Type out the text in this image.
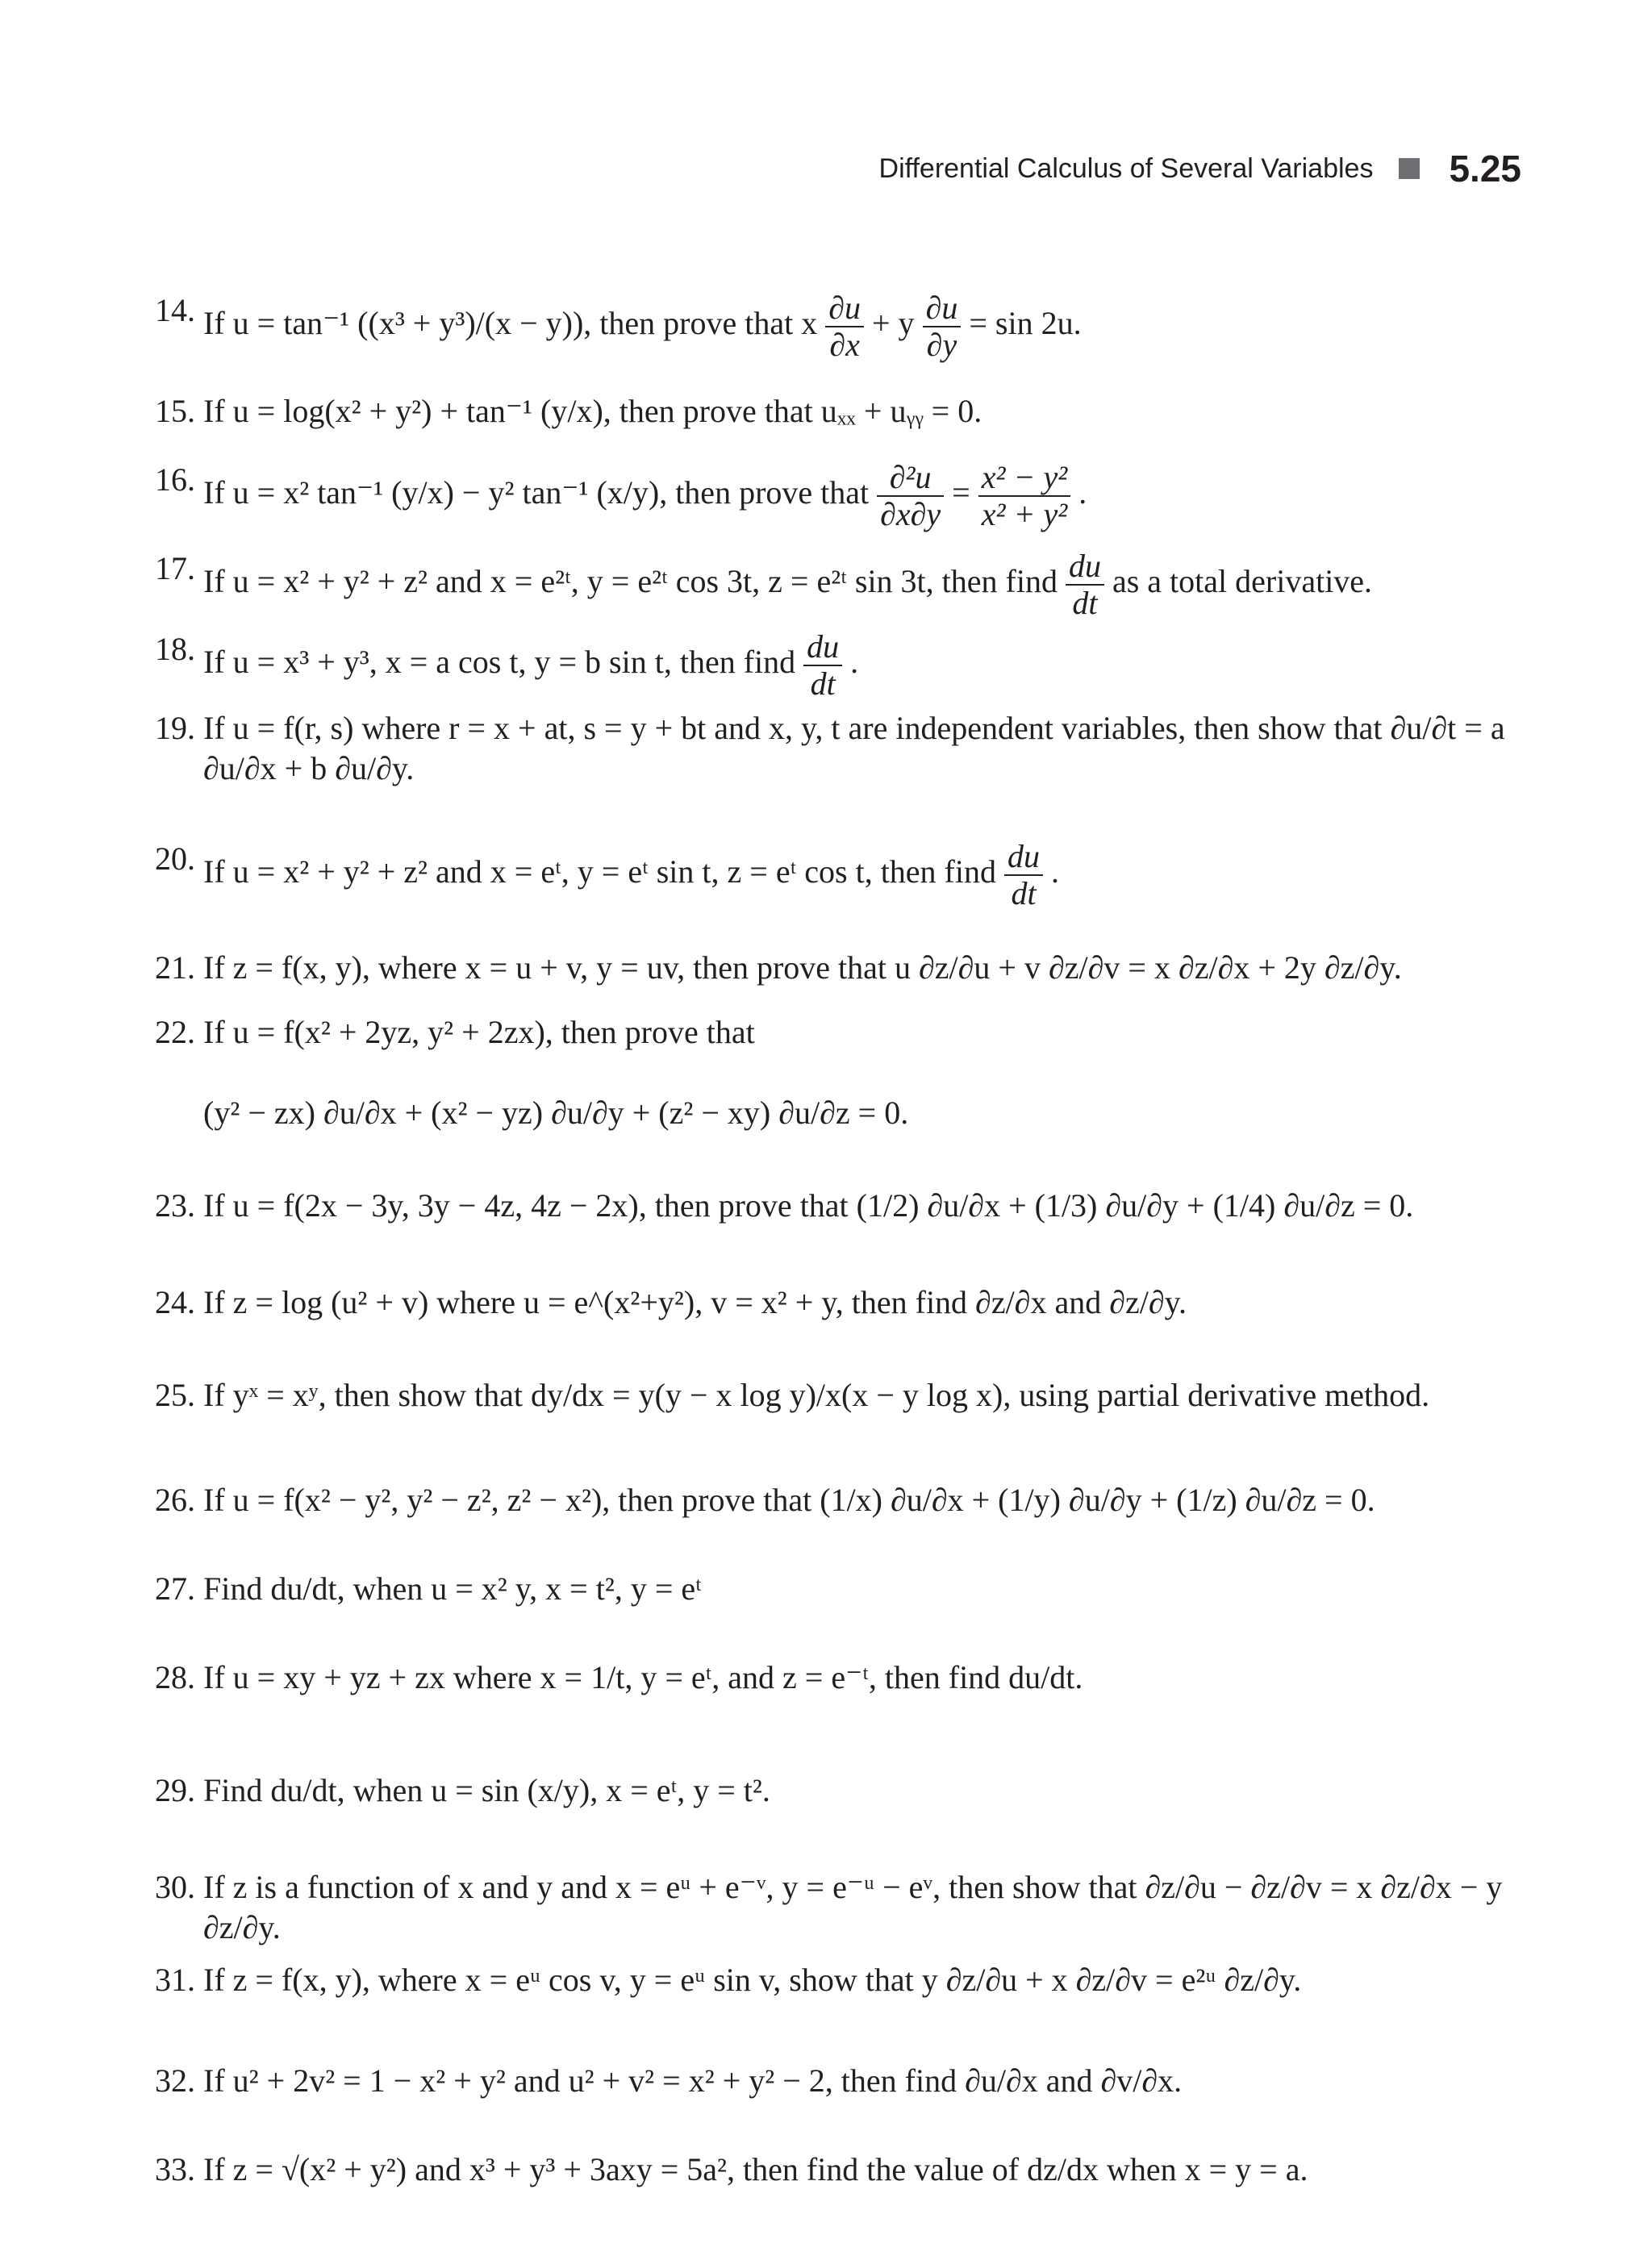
Differential Calculus of Several Variables 5.25
14. If u = tan⁻¹ ((x³ + y³)/(x − y)), then prove that x $\frac{\partial u}{\partial x} + y \frac{\partial u}{\partial y} = \sin 2u$.
15. If u = log(x² + y²) + tan⁻¹ (y/x), then prove that uₓₓ + uᵧᵧ = 0.
16. If u = x² tan⁻¹ (y/x) − y² tan⁻¹ (x/y), then prove that $\frac{\text{∂²u}}{\partial x\partial y} = \frac{\text{x² − y²}}{\text{x² + y²}}$ .
17. If u = x² + y² + z² and x = e²ᵗ, y = e²ᵗ cos 3t, z = e²ᵗ sin 3t, then find $\frac{du}{dt}$ as a total derivative.
18. If u = x³ + y³, x = a cos t, y = b sin t, then find $\frac{du}{dt}$ .
19. If u = f(r, s) where r = x + at, s = y + bt and x, y, t are independent variables, then show that ∂u/∂t = a ∂u/∂x + b ∂u/∂y.
20. If u = x² + y² + z² and x = eᵗ, y = eᵗ sin t, z = eᵗ cos t, then find $\frac{du}{dt}$ .
21. If z = f(x, y), where x = u + v, y = uv, then prove that u ∂z/∂u + v ∂z/∂v = x ∂z/∂x + 2y ∂z/∂y.
22. If u = f(x² + 2yz, y² + 2zx), then prove that
(y² − zx) ∂u/∂x + (x² − yz) ∂u/∂y + (z² − xy) ∂u/∂z = 0.
23. If u = f(2x − 3y, 3y − 4z, 4z − 2x), then prove that (1/2) ∂u/∂x + (1/3) ∂u/∂y + (1/4) ∂u/∂z = 0.
24. If z = log (u² + v) where u = e^(x²+y²), v = x² + y, then find ∂z/∂x and ∂z/∂y.
25. If yˣ = xʸ, then show that dy/dx = y(y − x log y)/x(x − y log x), using partial derivative method.
26. If u = f(x² − y², y² − z², z² − x²), then prove that (1/x) ∂u/∂x + (1/y) ∂u/∂y + (1/z) ∂u/∂z = 0.
27. Find du/dt, when u = x² y, x = t², y = eᵗ
28. If u = xy + yz + zx where x = 1/t, y = eᵗ, and z = e⁻ᵗ, then find du/dt.
29. Find du/dt, when u = sin (x/y), x = eᵗ, y = t².
30. If z is a function of x and y and x = eᵘ + e⁻ᵛ, y = e⁻ᵘ − eᵛ, then show that ∂z/∂u − ∂z/∂v = x ∂z/∂x − y ∂z/∂y.
31. If z = f(x, y), where x = eᵘ cos v, y = eᵘ sin v, show that y ∂z/∂u + x ∂z/∂v = e²ᵘ ∂z/∂y.
32. If u² + 2v² = 1 − x² + y² and u² + v² = x² + y² − 2, then find ∂u/∂x and ∂v/∂x.
33. If z = √(x² + y²) and x³ + y³ + 3axy = 5a², then find the value of dz/dx when x = y = a.
